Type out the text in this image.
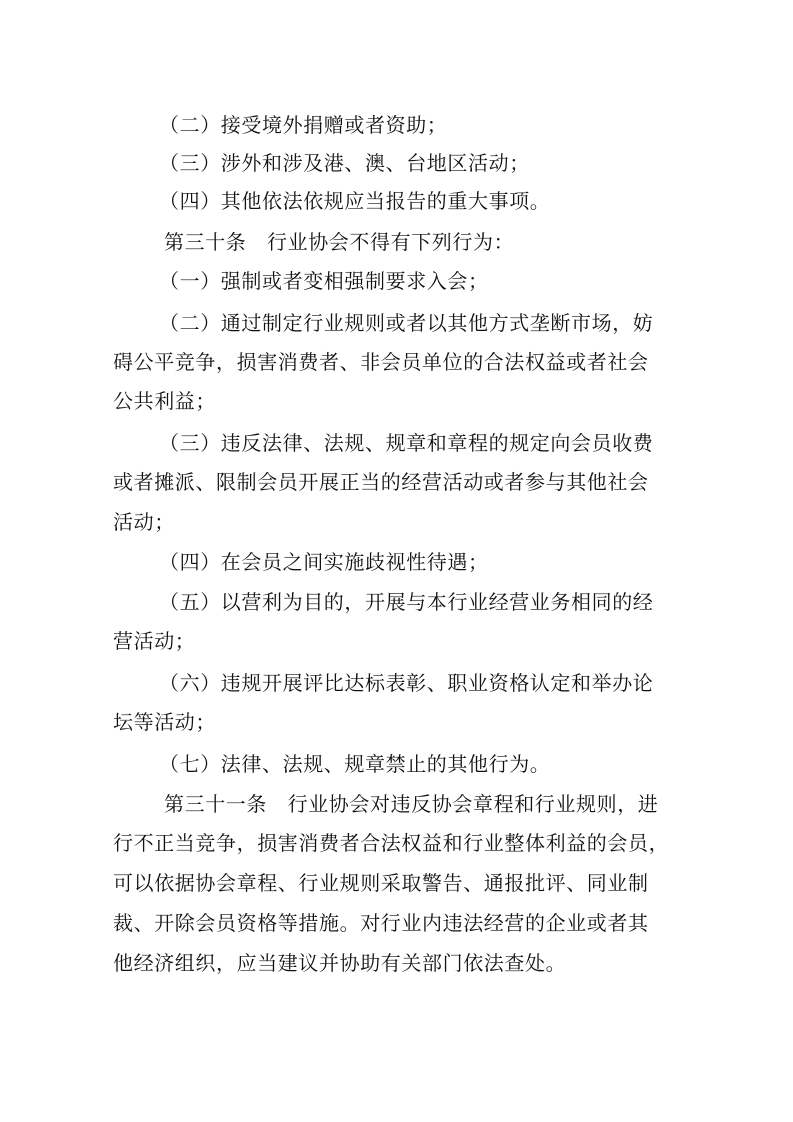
（二）接受境外捐赠或者资助；
（三）涉外和涉及港、澳、台地区活动；
（四）其他依法依规应当报告的重大事项。
第三十条　行业协会不得有下列行为：
（一）强制或者变相强制要求入会；
（二）通过制定行业规则或者以其他方式垄断市场，妨
碍公平竞争，损害消费者、非会员单位的合法权益或者社会
公共利益；
（三）违反法律、法规、规章和章程的规定向会员收费
或者摊派、限制会员开展正当的经营活动或者参与其他社会
活动；
（四）在会员之间实施歧视性待遇；
（五）以营利为目的，开展与本行业经营业务相同的经
营活动；
（六）违规开展评比达标表彰、职业资格认定和举办论
坛等活动；
（七）法律、法规、规章禁止的其他行为。
第三十一条　行业协会对违反协会章程和行业规则，进
行不正当竞争，损害消费者合法权益和行业整体利益的会员，
可以依据协会章程、行业规则采取警告、通报批评、同业制
裁、开除会员资格等措施。对行业内违法经营的企业或者其
他经济组织，应当建议并协助有关部门依法查处。
